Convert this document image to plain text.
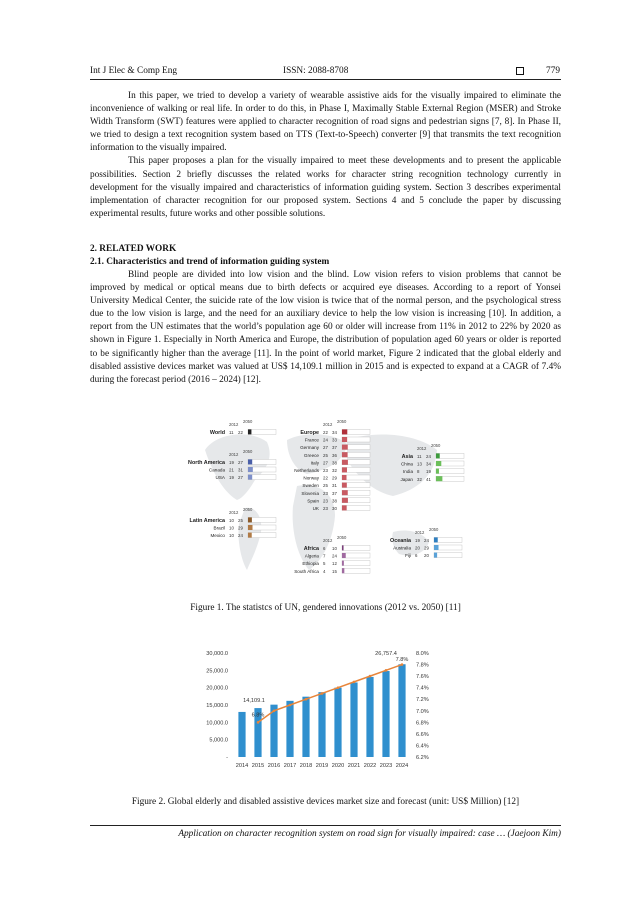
Int J Elec & Comp Eng	ISSN: 2088-8708	779

In this paper, we tried to develop a variety of wearable assistive aids for the visually impaired to eliminate the inconvenience of walking or real life. In order to do this, in Phase I, Maximally Stable External Region (MSER) and Stroke Width Transform (SWT) features were applied to character recognition of road signs and pedestrian signs [7, 8]. In Phase II, we tried to design a text recognition system based on TTS (Text-to-Speech) converter [9] that transmits the text recognition information to the visually impaired.

This paper proposes a plan for the visually impaired to meet these developments and to present the applicable possibilities. Section 2 briefly discusses the related works for character string recognition technology currently in development for the visually impaired and characteristics of information guiding system. Section 3 describes experimental implementation of character recognition for our proposed system. Sections 4 and 5 conclude the paper by discussing experimental results, future works and other possible solutions.

2. RELATED WORK
2.1. Characteristics and trend of information guiding system

Blind people are divided into low vision and the blind. Low vision refers to vision problems that cannot be improved by medical or optical means due to birth defects or acquired eye diseases. According to a report of Yonsei University Medical Center, the suicide rate of the low vision is twice that of the normal person, and the psychological stress due to the low vision is large, and the need for an auxiliary device to help the low vision is increasing [10]. In addition, a report from the UN estimates that the world’s population age 60 or older will increase from 11% in 2012 to 22% by 2020 as shown in Figure 1. Especially in North America and Europe, the distribution of population aged 60 years or older is reported to be significantly higher than the average [11]. In the point of world market, Figure 2 indicated that the global elderly and disabled assistive devices market was valued at US$ 14,109.1 million in 2015 and is expected to expand at a CAGR of 7.4% during the forecast period (2016 – 2024) [12].

2012
2050
World 11 22
2012
2050
North America 19 27
Canada 21 31
USA 19 27
2012
2050
Latin America 10 25
Brazil 10 29
Mexico 10 24
2012
2050
Europe 22 34
France 24 33
Germany 27 37
Greece 25 36
Italy 27 38
Netherlands 23 32
Norway 22 29
Sweden 25 31
Slovenia 23 37
Spain 23 38
UK 23 30
2012
2050
Asia 11 24
China 13 34
India 8 19
Japan 32 41
2012
2050
Africa 6 10
Algeria 7 24
Ethiopia 5 12
South Africa 4 15
2012
2050
Oceania 19 24
Australia 20 29
Fiji 6 20
Figure 1. The statistcs of UN, gendered innovations (2012 vs. 2050) [11]
30,000.0
25,000.0
20,000.0
15,000.0
10,000.0
5,000.0
-
8.0%
7.8%
7.6%
7.4%
7.2%
7.0%
6.8%
6.6%
6.4%
6.2%
2014 2015 2016 2017 2018 2019 2020 2021 2022 2023 2024
14,109.1
6.8%
26,757.4
7.8%
Figure 2. Global elderly and disabled assistive devices market size and forecast (unit: US$ Million) [12]
Application on character recognition system on road sign for visually impaired: case … (Jaejoon Kim)
